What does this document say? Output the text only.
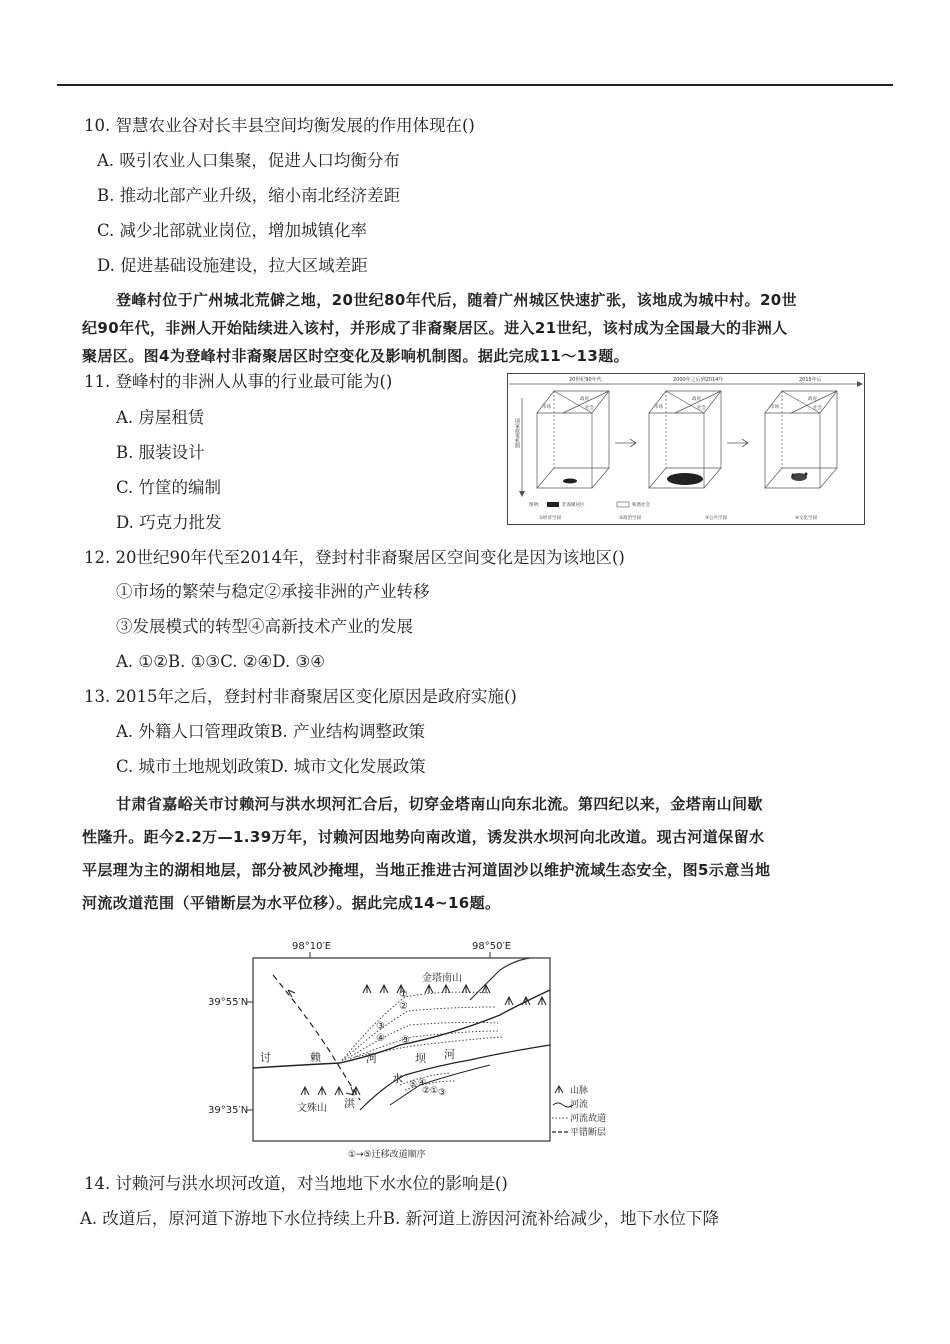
10. 智慧农业谷对长丰县空间均衡发展的作用体现在()
A. 吸引农业人口集聚，促进人口均衡分布
B. 推动北部产业升级，缩小南北经济差距
C. 减少北部就业岗位，增加城镇化率
D. 促进基础设施建设，拉大区域差距

登峰村位于广州城北荒僻之地，20世纪80年代后，随着广州城区快速扩张，该地成为城中村。20世

纪90年代，非洲人开始陆续进入该村，并形成了非裔聚居区。进入21世纪，该村成为全国最大的非洲人

聚居区。图4为登峰村非裔聚居区时空变化及影响机制图。据此完成11～13题。

11. 登峰村的非洲人从事的行业最可能为()
A. 房屋租赁
B. 服装设计
C. 竹筐的编制
D. 巧克力批发
20世纪90年代	2000年之后到2014年	2015年后
国家政策机制
政府
市场	社会
政府
市场	社会
政府
市场	社会
图例:	非裔聚居区	和谐社会
①经济空间	②政治空间	③公共空间	④文化空间
12. 20世纪90年代至2014年，登封村非裔聚居区空间变化是因为该地区()
①市场的繁荣与稳定②承接非洲的产业转移
③发展模式的转型④高新技术产业的发展
A. ①②B. ①③C. ②④D. ③④
13. 2015年之后，登封村非裔聚居区变化原因是政府实施()
A. 外籍人口管理政策B. 产业结构调整政策
C. 城市土地规划政策D. 城市文化发展政策

甘肃省嘉峪关市讨赖河与洪水坝河汇合后，切穿金塔南山向东北流。第四纪以来，金塔南山间歇

性隆升。距今2.2万—1.39万年，讨赖河因地势向南改道，诱发洪水坝河向北改道。现古河道保留水

平层理为主的湖相地层，部分被风沙掩埋，当地正推进古河道固沙以维护流域生态安全，图5示意当地

河流改道范围（平错断层为水平位移）。据此完成14~16题。

98°10′E	98°50′E
39°55′N
39°35′N
金塔南山
文殊山
讨	赖	河
洪
水
坝 河
①
②
③
④ ⑤
⑤ ④
② ① ③	山脉
河流
河流故道
平错断层
①→⑤迁移改道顺序
14. 讨赖河与洪水坝河改道，对当地地下水水位的影响是()
A. 改道后，原河道下游地下水位持续上升B. 新河道上游因河流补给减少，地下水位下降
